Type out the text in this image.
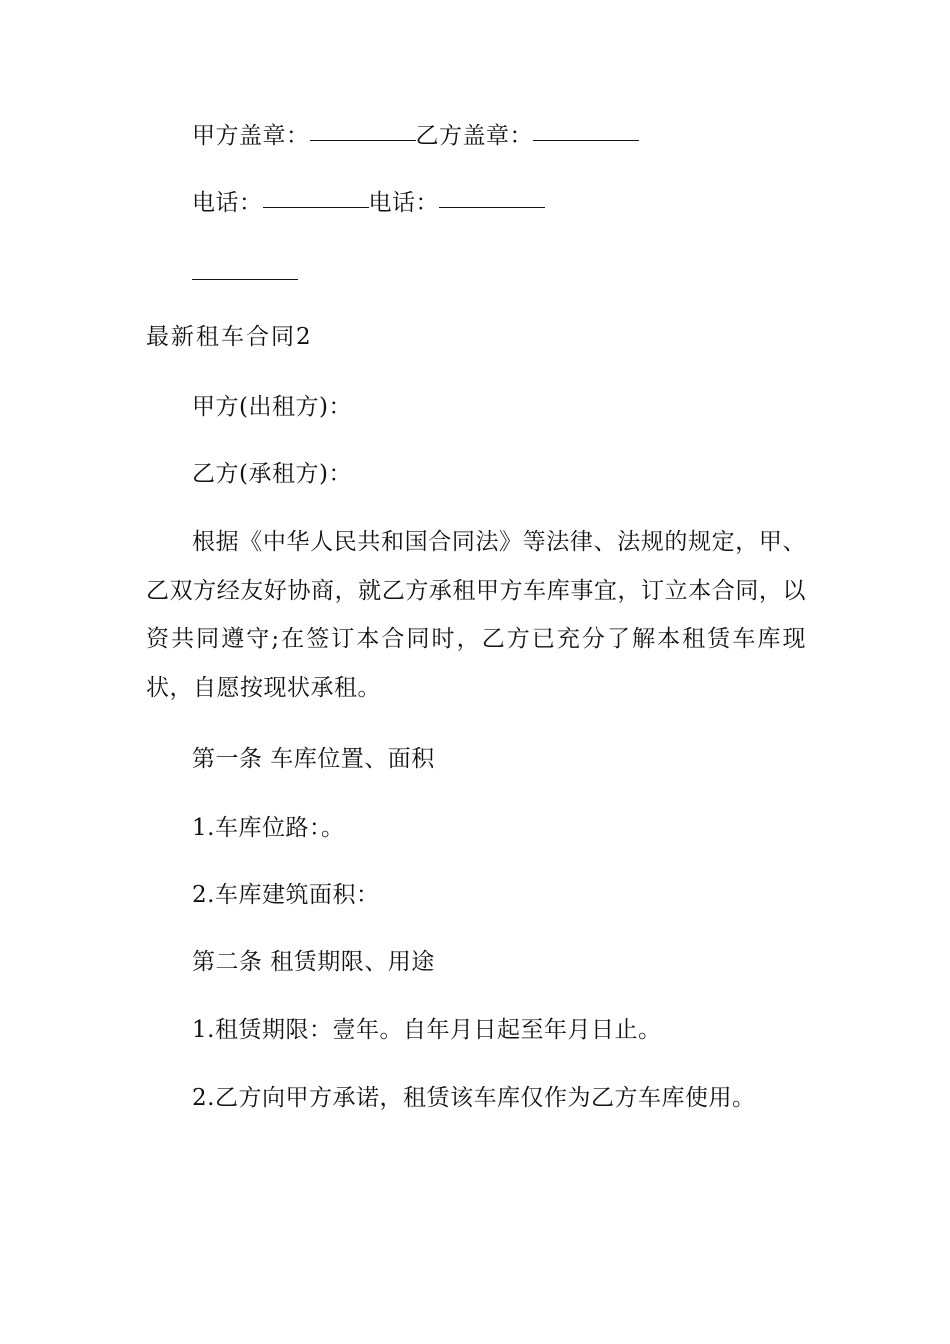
甲方盖章：	乙方盖章：
电话：	电话：
最新租车合同2
甲方(出租方)：
乙方(承租方)：
根据《中华人民共和国合同法》等法律、法规的规定，甲、乙双方经友好协商，就乙方承租甲方车库事宜，订立本合同，以资共同遵守;在签订本合同时，乙方已充分了解本租赁车库现状，自愿按现状承租。
第一条 车库位置、面积
1.车库位路：。
2.车库建筑面积：
第二条 租赁期限、用途
1.租赁期限：壹年。自年月日起至年月日止。
2.乙方向甲方承诺，租赁该车库仅作为乙方车库使用。
